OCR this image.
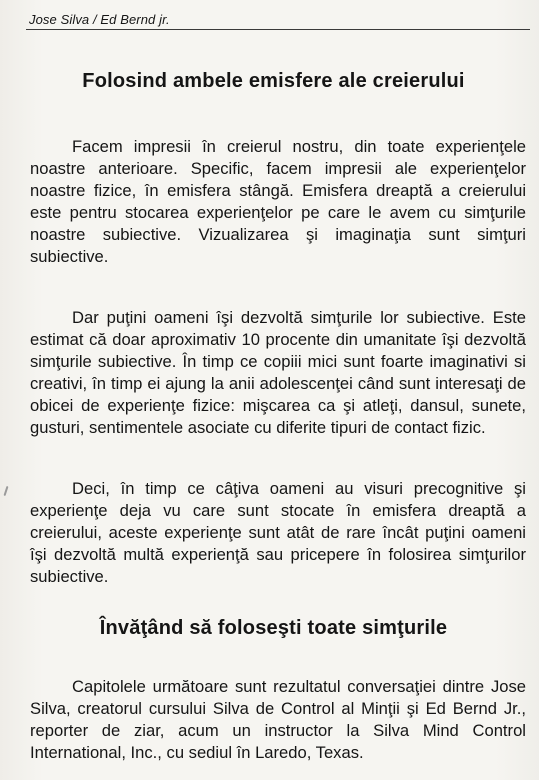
Jose Silva / Ed Bernd jr.
Folosind ambele emisfere ale creierului

Facem impresii în creierul nostru, din toate experienţele noastre anterioare. Specific, facem impresii ale experienţelor noastre fizice, în emisfera stângă. Emisfera dreaptă a creierului este pentru stocarea experienţelor pe care le avem cu simţurile noastre subiective. Vizualizarea şi imaginaţia sunt simţuri subiective.

Dar puţini oameni îşi dezvoltă simţurile lor subiective. Este estimat că doar aproximativ 10 procente din umanitate îşi dezvoltă simţurile subiective. În timp ce copiii mici sunt foarte imaginativi si creativi, în timp ei ajung la anii adolescenţei când sunt interesaţi de obicei de experienţe fizice: mişcarea ca şi atleţi, dansul, sunete, gusturi, sentimentele asociate cu diferite tipuri de contact fizic.

Deci, în timp ce câţiva oameni au visuri precognitive şi experienţe deja vu care sunt stocate în emisfera dreaptă a creierului, aceste experienţe sunt atât de rare încât puţini oameni îşi dezvoltă multă experienţă sau pricepere în folosirea simţurilor subiective.

Învăţând să foloseşti toate simţurile

Capitolele următoare sunt rezultatul conversaţiei dintre Jose Silva, creatorul cursului Silva de Control al Minţii şi Ed Bernd Jr., reporter de ziar, acum un instructor la Silva Mind Control International, Inc., cu sediul în Laredo, Texas.
